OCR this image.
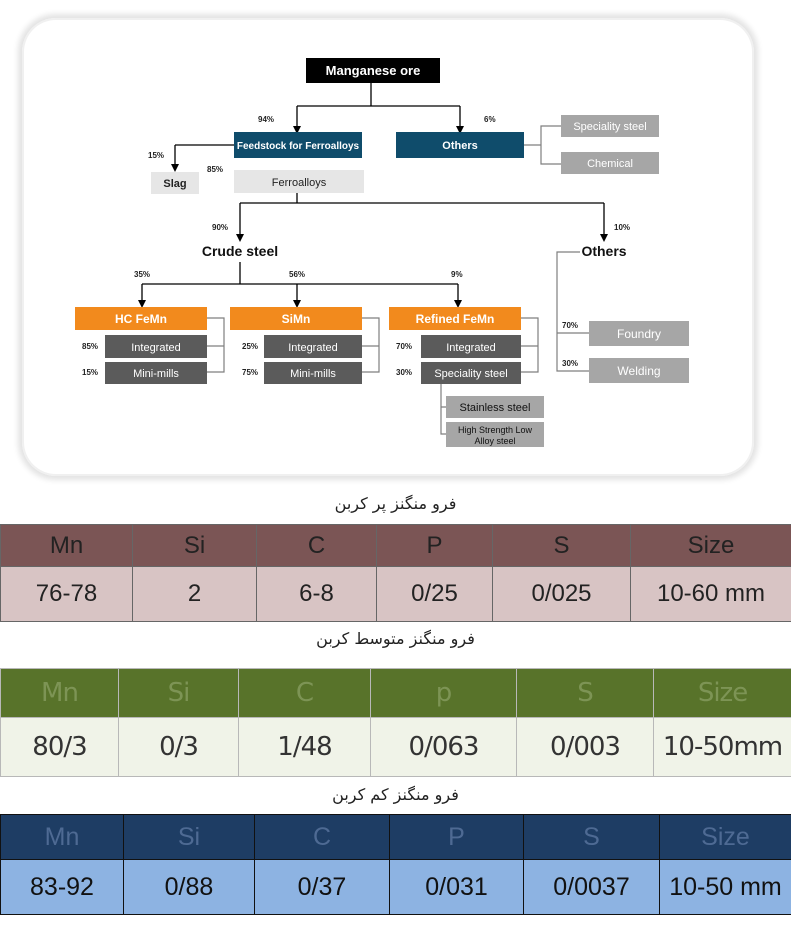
Manganese ore
Feedstock for Ferroalloys	Others
Speciality steel
Chemical
Slag	Ferroalloys
Crude steel	Others
HC FeMn	SiMn	Refined FeMn
Integrated
Mini-mills
Integrated
Mini-mills
Integrated
Speciality steel
Stainless steel
High Strength Low
Alloy steel
Foundry
Welding
94%	6%
15%
85%
90%	10%
35%	56%	9%
85%
15%
25%
75%
70%
30%
70%
30%
فرو منگنز پر کربن
Mn	Si	C	P	S	Size
76-78	2	6-8	0/25	0/025	10-60 mm
فرو منگنز متوسط کربن
Mn	Si	C	p	S	Size
80/3	0/3	1/48	0/063	0/003	10-50mm
فرو منگنز کم کربن
Mn	Si	C	P	S	Size
83-92	0/88	0/37	0/031	0/0037	10-50 mm
